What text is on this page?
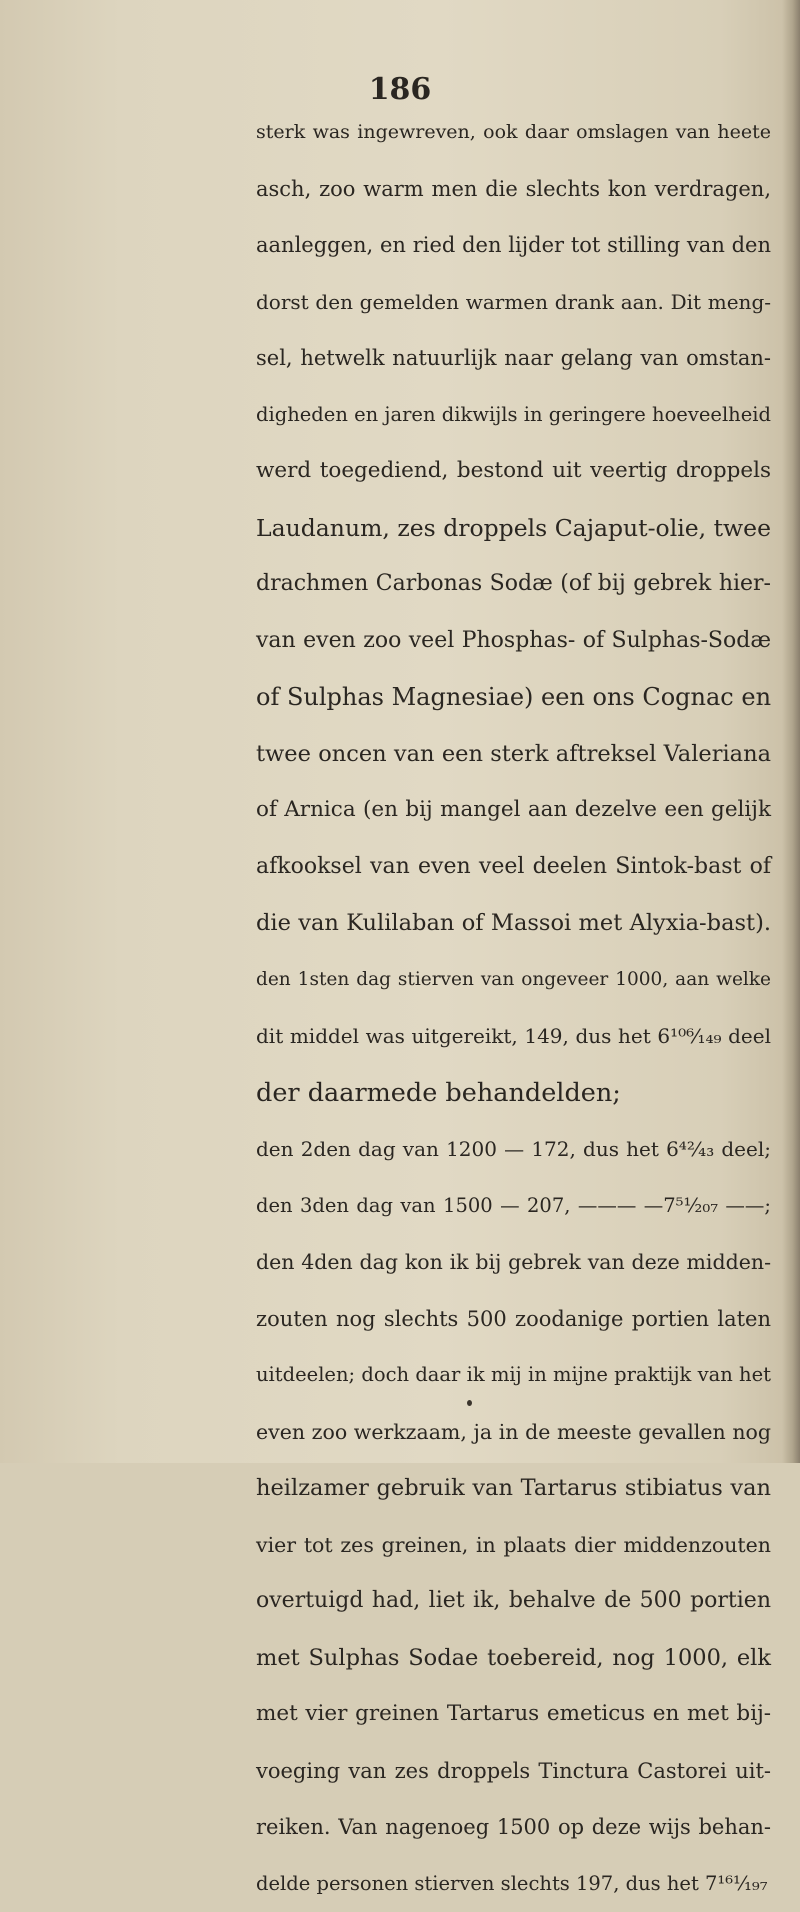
186
sterk was ingewreven, ook daar omslagen van heete
asch, zoo warm men die slechts kon verdragen,
aanleggen, en ried den lijder tot stilling van den
dorst den gemelden warmen drank aan. Dit meng-
sel, hetwelk natuurlijk naar gelang van omstan-
digheden en jaren dikwijls in geringere hoeveelheid
werd toegediend, bestond uit veertig droppels
Laudanum, zes droppels Cajaput-olie, twee
drachmen Carbonas Sodæ (of bij gebrek hier-
van even zoo veel Phosphas- of Sulphas-Sodæ
of Sulphas Magnesiae) een ons Cognac en
twee oncen van een sterk aftreksel Valeriana
of Arnica (en bij mangel aan dezelve een gelijk
afkooksel van even veel deelen Sintok-bast of
die van Kulilaban of Massoi met Alyxia-bast).
den 1sten dag stierven van ongeveer 1000, aan welke
dit middel was uitgereikt, 149, dus het 6¹⁰⁶⁄₁₄₉ deel
der daarmede behandelden;
den 2den dag van 1200 — 172, dus het 6⁴²⁄₄₃ deel;
den 3den dag van 1500 — 207, ——— —7⁵¹⁄₂₀₇ ——;
den 4den dag kon ik bij gebrek van deze midden-
zouten nog slechts 500 zoodanige portien laten
uitdeelen; doch daar ik mij in mijne praktijk van het
even zoo werkzaam, ja in de meeste gevallen nog
heilzamer gebruik van Tartarus stibiatus van
vier tot zes greinen, in plaats dier middenzouten
overtuigd had, liet ik, behalve de 500 portien
met Sulphas Sodae toebereid, nog 1000, elk
met vier greinen Tartarus emeticus en met bij-
voeging van zes droppels Tinctura Castorei uit-
reiken. Van nagenoeg 1500 op deze wijs behan-
delde personen stierven slechts 197, dus het 7¹⁶¹⁄₁₉₇
